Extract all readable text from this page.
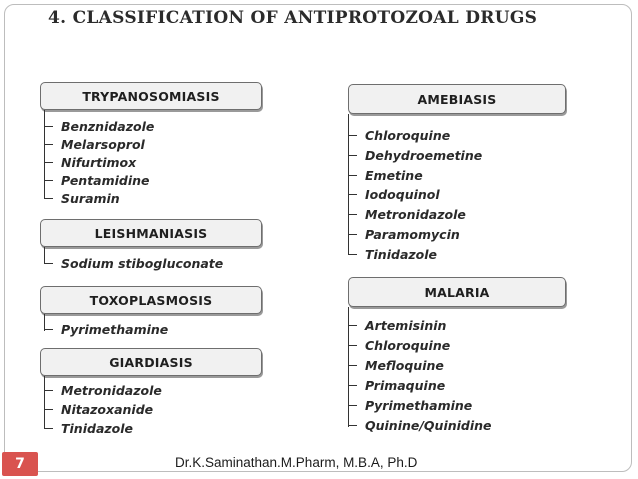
4. CLASSIFICATION OF ANTIPROTOZOAL DRUGS
TRYPANOSOMIASIS
Benznidazole
Melarsoprol
Nifurtimox
Pentamidine
Suramin
LEISHMANIASIS
Sodium stibogluconate
TOXOPLASMOSIS
Pyrimethamine
GIARDIASIS
Metronidazole
Nitazoxanide
Tinidazole
AMEBIASIS
Chloroquine
Dehydroemetine
Emetine
Iodoquinol
Metronidazole
Paramomycin
Tinidazole
MALARIA
Artemisinin
Chloroquine
Mefloquine
Primaquine
Pyrimethamine
Quinine/Quinidine
7	Dr.K.Saminathan.M.Pharm, M.B.A, Ph.D
